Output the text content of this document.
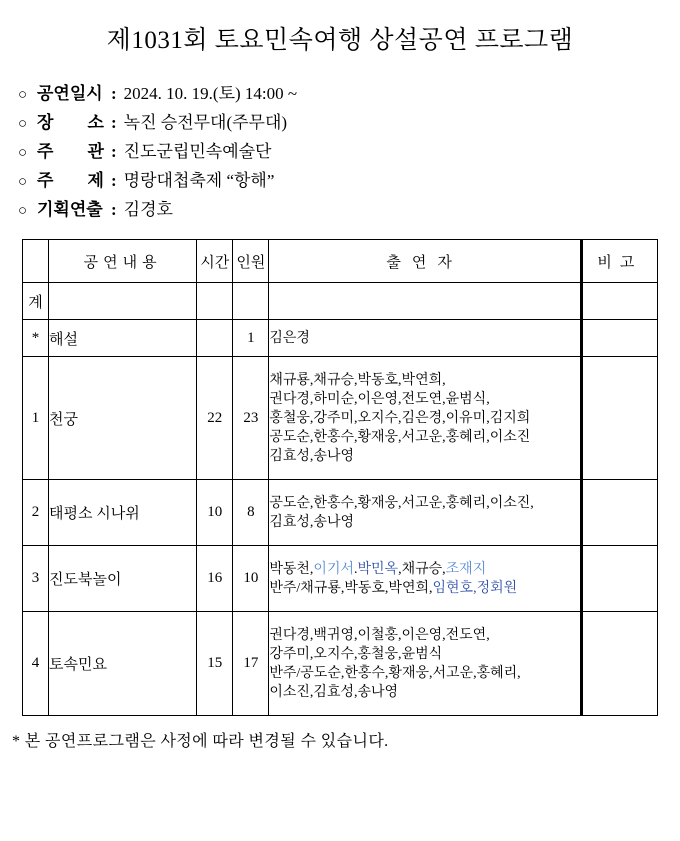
제1031회 토요민속여행 상설공연 프로그램
○ 공연일시 : 2024. 10. 19.(토) 14:00 ~
○ 장 소 : 녹진 승전무대(주무대)
○ 주 관 : 진도군립민속예술단
○ 주 제 : 명랑대첩축제 “항해”
○ 기획연출 : 김경호
	공연내용	시간	인원	출연자	비고
계					
*	해설		1	김은경	

1	천궁	22	23	채규룡,채규승,박동호,박연희,
권다경,하미순,이은영,전도연,윤범식,
홍철웅,강주미,오지수,김은경,이유미,김지희
공도순,한홍수,황재웅,서고운,홍혜리,이소진
김효성,송나영	

2	태평소 시나위	10	8	공도순,한홍수,황재웅,서고운,홍혜리,이소진,
김효성,송나영	

3	진도북놀이	16	10	박동천,이기서.박민옥,채규승,조재지
반주/채규룡,박동호,박연희,임현호,정회원	

4	토속민요	15	17	권다경,백귀영,이철홍,이은영,전도연,
강주미,오지수,홍철웅,윤범식
반주/공도순,한홍수,황재웅,서고운,홍혜리,
이소진,김효성,송나영	

* 본 공연프로그램은 사정에 따라 변경될 수 있습니다.
